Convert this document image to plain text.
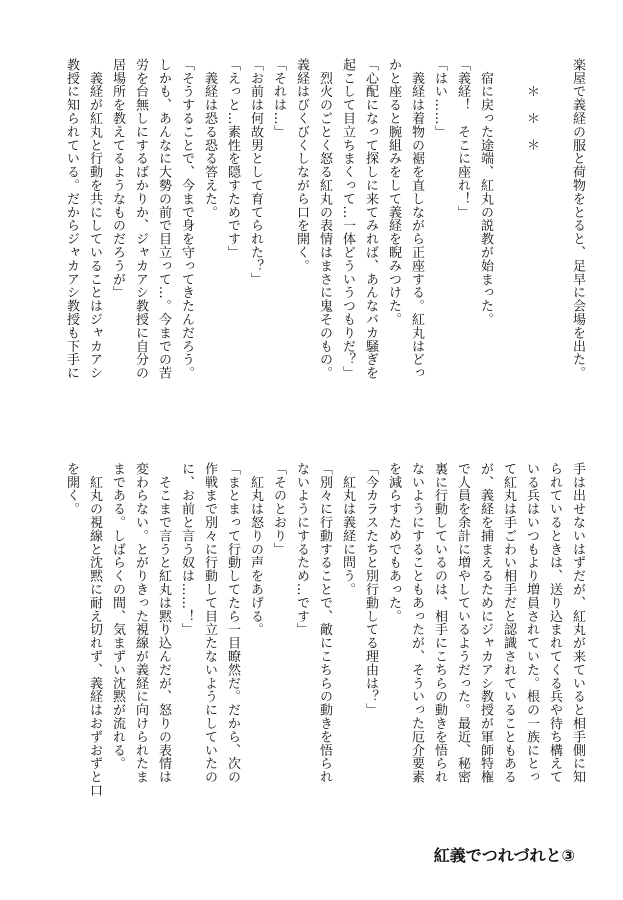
楽屋で義経の服と荷物をとると、足早に会場を出た。

　　＊　＊　＊

　宿に戻った途端、紅丸の説教が始まった。
「義経！　そこに座れ！」
「はい……」
　義経は着物の裾を直しながら正座する。紅丸はどっ
かと座ると腕組みをして義経を睨みつけた。
「心配になって探しに来てみれば、あんなバカ騒ぎを
起こして目立ちまくって…一体どういうつもりだ？」
　烈火のごとく怒る紅丸の表情はまさに鬼そのもの。
義経はびくびくしながら口を開く。
「それは…」
「お前は何故男として育てられた？」
「えっと…素性を隠すためです」
　義経は恐る恐る答えた。
「そうすることで、今まで身を守ってきたんだろう。
しかも、あんなに大勢の前で目立って…。今までの苦
労を台無しにするばかりか、ジャカアシ教授に自分の
居場所を教えてるようなものだろうが」
　義経が紅丸と行動を共にしていることはジャカアシ
教授に知られている。だからジャカアシ教授も下手に
手は出せないはずだが、紅丸が来ていると相手側に知
られているときは、送り込まれてくる兵や待ち構えて
いる兵はいつもより増員されていた。根の一族にとっ
て紅丸は手ごわい相手だと認識されていることもある
が、義経を捕まえるためにジャカアシ教授が軍師特権
で人員を余計に増やしているようだった。最近、秘密
裏に行動しているのは、相手にこちらの動きを悟られ
ないようにすることもあったが、そういった厄介要素
を減らすためでもあった。
「今カラスたちと別行動してる理由は？」
　紅丸は義経に問う。
「別々に行動することで、敵にこちらの動きを悟られ
ないようにするため…です」
「そのとおり」
　紅丸は怒りの声をあげる。
「まとまって行動してたら一目瞭然だ。だから、次の
作戦まで別々に行動して目立たないようにしていたの
に、お前と言う奴は……！」
　そこまで言うと紅丸は黙り込んだが、怒りの表情は
変わらない。とがりきった視線が義経に向けられたま
まである。しばらくの間、気まずい沈黙が流れる。
　紅丸の視線と沈黙に耐え切れず、義経はおずおずと口
を開く。
紅義でつれづれと③
